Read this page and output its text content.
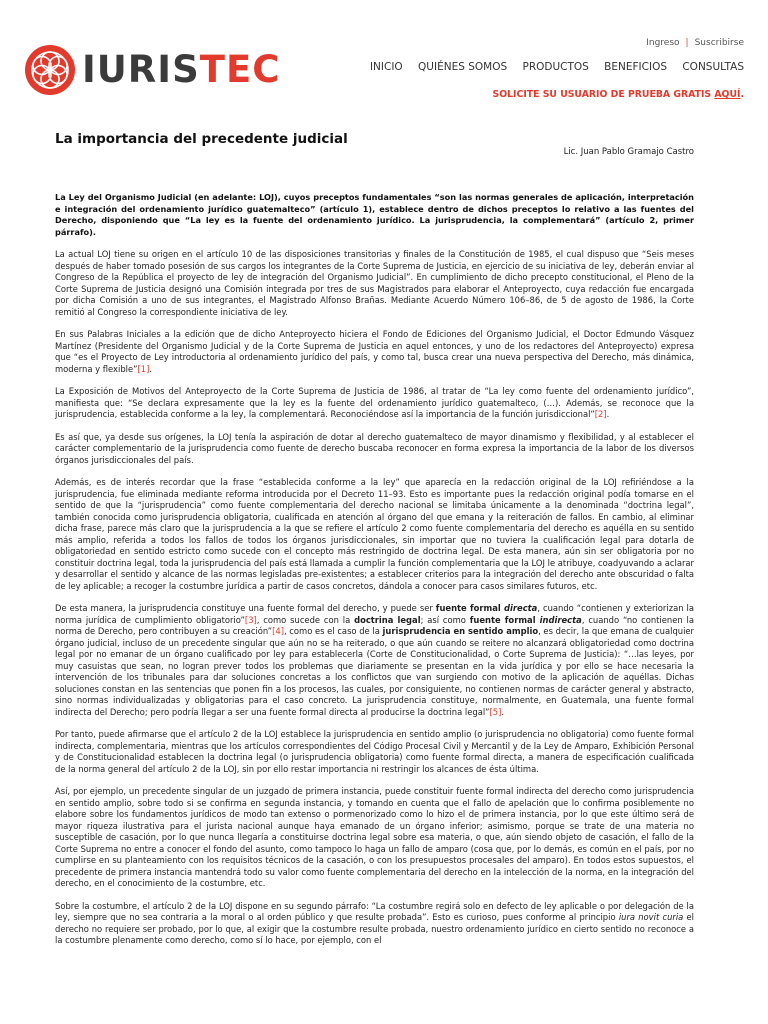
IURISTEC
Ingreso | Suscribirse
INICIO QUIÉNES SOMOS PRODUCTOS BENEFICIOS CONSULTAS
SOLICITE SU USUARIO DE PRUEBA GRATIS AQUÍ.
La importancia del precedente judicial
Lic. Juan Pablo Gramajo Castro

La Ley del Organismo Judicial (en adelante: LOJ), cuyos preceptos fundamentales “son las normas generales de aplicación, interpretación e integración del ordenamiento jurídico guatemalteco” (artículo 1), establece dentro de dichos preceptos lo relativo a las fuentes del Derecho, disponiendo que “La ley es la fuente del ordenamiento jurídico. La jurisprudencia, la complementará” (artículo 2, primer párrafo).

La actual LOJ tiene su origen en el artículo 10 de las disposiciones transitorias y finales de la Constitución de 1985, el cual dispuso que “Seis meses después de haber tomado posesión de sus cargos los integrantes de la Corte Suprema de Justicia, en ejercicio de su iniciativa de ley, deberán enviar al Congreso de la República el proyecto de ley de integración del Organismo Judicial”. En cumplimiento de dicho precepto constitucional, el Pleno de la Corte Suprema de Justicia designó una Comisión integrada por tres de sus Magistrados para elaborar el Anteproyecto, cuya redacción fue encargada por dicha Comisión a uno de sus integrantes, el Magistrado Alfonso Brañas. Mediante Acuerdo Número 106–86, de 5 de agosto de 1986, la Corte remitió al Congreso la correspondiente iniciativa de ley.

En sus Palabras Iniciales a la edición que de dicho Anteproyecto hiciera el Fondo de Ediciones del Organismo Judicial, el Doctor Edmundo Vásquez Martínez (Presidente del Organismo Judicial y de la Corte Suprema de Justicia en aquel entonces, y uno de los redactores del Anteproyecto) expresa que “es el Proyecto de Ley introductoria al ordenamiento jurídico del país, y como tal, busca crear una nueva perspectiva del Derecho, más dinámica, moderna y flexible”[1].

La Exposición de Motivos del Anteproyecto de la Corte Suprema de Justicia de 1986, al tratar de “La ley como fuente del ordenamiento jurídico”, manifiesta que: “Se declara expresamente que la ley es la fuente del ordenamiento jurídico guatemalteco, (…). Además, se reconoce que la jurisprudencia, establecida conforme a la ley, la complementará. Reconociéndose así la importancia de la función jurisdiccional”[2].

Es así que, ya desde sus orígenes, la LOJ tenía la aspiración de dotar al derecho guatemalteco de mayor dinamismo y flexibilidad, y al establecer el carácter complementario de la jurisprudencia como fuente de derecho buscaba reconocer en forma expresa la importancia de la labor de los diversos órganos jurisdiccionales del país.

Además, es de interés recordar que la frase “establecida conforme a la ley” que aparecía en la redacción original de la LOJ refiriéndose a la jurisprudencia, fue eliminada mediante reforma introducida por el Decreto 11–93. Esto es importante pues la redacción original podía tomarse en el sentido de que la “jurisprudencia” como fuente complementaria del derecho nacional se limitaba únicamente a la denominada “doctrina legal”, también conocida como jurisprudencia obligatoria, cualificada en atención al órgano del que emana y la reiteración de fallos. En cambio, al eliminar dicha frase, parece más claro que la jurisprudencia a la que se refiere el artículo 2 como fuente complementaria del derecho es aquélla en su sentido más amplio, referida a todos los fallos de todos los órganos jurisdiccionales, sin importar que no tuviera la cualificación legal para dotarla de obligatoriedad en sentido estricto como sucede con el concepto más restringido de doctrina legal. De esta manera, aún sin ser obligatoria por no constituir doctrina legal, toda la jurisprudencia del país está llamada a cumplir la función complementaria que la LOJ le atribuye, coadyuvando a aclarar y desarrollar el sentido y alcance de las normas legisladas pre-existentes; a establecer criterios para la integración del derecho ante obscuridad o falta de ley aplicable; a recoger la costumbre jurídica a partir de casos concretos, dándola a conocer para casos similares futuros, etc.

De esta manera, la jurisprudencia constituye una fuente formal del derecho, y puede ser fuente formal directa, cuando “contienen y exteriorizan la norma jurídica de cumplimiento obligatorio”[3], como sucede con la doctrina legal; así como fuente formal indirecta, cuando “no contienen la norma de Derecho, pero contribuyen a su creación”[4], como es el caso de la jurisprudencia en sentido amplio, es decir, la que emana de cualquier órgano judicial, incluso de un precedente singular que aún no se ha reiterado, o que aún cuando se reitere no alcanzará obligatoriedad como doctrina legal por no emanar de un órgano cualificado por ley para establecerla (Corte de Constitucionalidad, o Corte Suprema de Justicia): “…las leyes, por muy casuistas que sean, no logran prever todos los problemas que diariamente se presentan en la vida jurídica y por ello se hace necesaria la intervención de los tribunales para dar soluciones concretas a los conflictos que van surgiendo con motivo de la aplicación de aquéllas. Dichas soluciones constan en las sentencias que ponen fin a los procesos, las cuales, por consiguiente, no contienen normas de carácter general y abstracto, sino normas individualizadas y obligatorias para el caso concreto. La jurisprudencia constituye, normalmente, en Guatemala, una fuente formal indirecta del Derecho; pero podría llegar a ser una fuente formal directa al producirse la doctrina legal”[5].

Por tanto, puede afirmarse que el artículo 2 de la LOJ establece la jurisprudencia en sentido amplio (o jurisprudencia no obligatoria) como fuente formal indirecta, complementaria, mientras que los artículos correspondientes del Código Procesal Civil y Mercantil y de la Ley de Amparo, Exhibición Personal y de Constitucionalidad establecen la doctrina legal (o jurisprudencia obligatoria) como fuente formal directa, a manera de especificación cualificada de la norma general del artículo 2 de la LOJ, sin por ello restar importancia ni restringir los alcances de ésta última.

Así, por ejemplo, un precedente singular de un juzgado de primera instancia, puede constituir fuente formal indirecta del derecho como jurisprudencia en sentido amplio, sobre todo si se confirma en segunda instancia, y tomando en cuenta que el fallo de apelación que lo confirma posiblemente no elabore sobre los fundamentos jurídicos de modo tan extenso o pormenorizado como lo hizo el de primera instancia, por lo que este último será de mayor riqueza ilustrativa para el jurista nacional aunque haya emanado de un órgano inferior; asimismo, porque se trate de una materia no susceptible de casación, por lo que nunca llegaría a constituirse doctrina legal sobre esa materia, o que, aún siendo objeto de casación, el fallo de la Corte Suprema no entre a conocer el fondo del asunto, como tampoco lo haga un fallo de amparo (cosa que, por lo demás, es común en el país, por no cumplirse en su planteamiento con los requisitos técnicos de la casación, o con los presupuestos procesales del amparo). En todos estos supuestos, el precedente de primera instancia mantendrá todo su valor como fuente complementaria del derecho en la intelección de la norma, en la integración del derecho, en el conocimiento de la costumbre, etc.

Sobre la costumbre, el artículo 2 de la LOJ dispone en su segundo párrafo: “La costumbre regirá solo en defecto de ley aplicable o por delegación de la ley, siempre que no sea contraria a la moral o al orden público y que resulte probada”. Esto es curioso, pues conforme al principio iura novit curia el derecho no requiere ser probado, por lo que, al exigir que la costumbre resulte probada, nuestro ordenamiento jurídico en cierto sentido no reconoce a la costumbre plenamente como derecho, como sí lo hace, por ejemplo, con el
